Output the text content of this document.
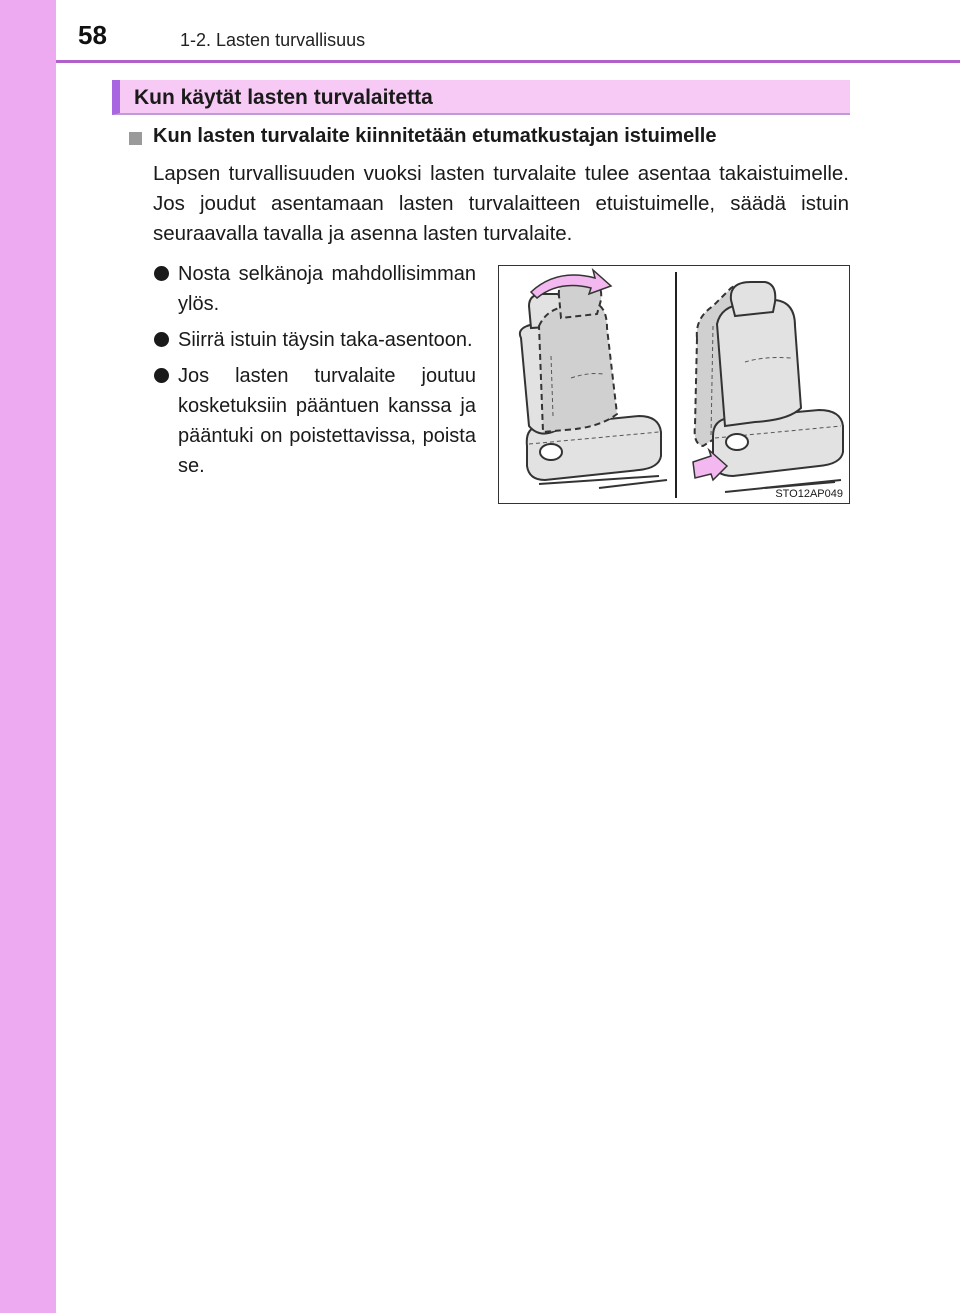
58	1-2. Lasten turvallisuus
Kun käytät lasten turvalaitetta
Kun lasten turvalaite kiinnitetään etumatkustajan istuimelle

Lapsen turvallisuuden vuoksi lasten turvalaite tulee asentaa takaistuimelle. Jos joudut asentamaan lasten turvalaitteen etuistuimelle, säädä istuin seuraavalla tavalla ja asenna lasten turvalaite.

Nosta selkänoja mahdollisimman ylös.
Siirrä istuin täysin taka-asentoon.
Jos lasten turvalaite joutuu kosketuksiin pääntuen kanssa ja pääntuki on poistettavissa, poista se.
STO12AP049
